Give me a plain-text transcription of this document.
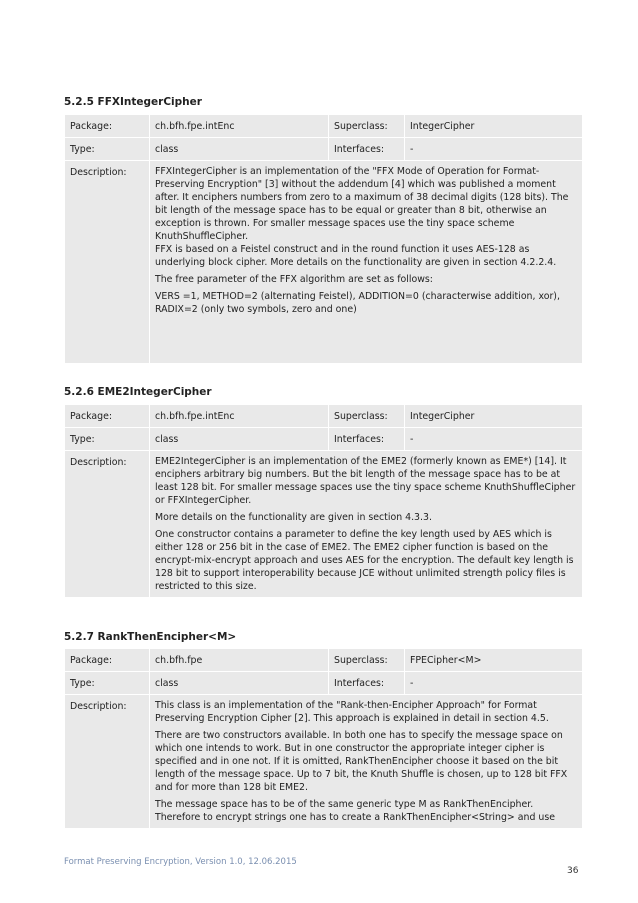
5.2.5 FFXIntegerCipher
Package:	ch.bfh.fpe.intEnc	Superclass:	IntegerCipher
Type:	class	Interfaces:	-
Description:	FFXIntegerCipher is an implementation of the "FFX Mode of Operation for Format-Preserving Encryption" [3] without the addendum [4] which was published a moment after. It enciphers numbers from zero to a maximum of 38 decimal digits (128 bits). The bit length of the message space has to be equal or greater than 8 bit, otherwise an exception is thrown. For smaller message spaces use the tiny space scheme KnuthShuffleCipher.
FFX is based on a Feistel construct and in the round function it uses AES-128 as underlying block cipher. More details on the functionality are given in section 4.2.2.4.

The free parameter of the FFX algorithm are set as follows:

VERS =1, METHOD=2 (alternating Feistel), ADDITION=0 (characterwise addition, xor), RADIX=2 (only two symbols, zero and one)		

5.2.6 EME2IntegerCipher
Package:	ch.bfh.fpe.intEnc	Superclass:	IntegerCipher
Type:	class	Interfaces:	-
Description:	EME2IntegerCipher is an implementation of the EME2 (formerly known as EME*) [14]. It enciphers arbitrary big numbers. But the bit length of the message space has to be at least 128 bit. For smaller message spaces use the tiny space scheme KnuthShuffleCipher or FFXIntegerCipher.

More details on the functionality are given in section 4.3.3.

One constructor contains a parameter to define the key length used by AES which is either 128 or 256 bit in the case of EME2. The EME2 cipher function is based on the encrypt-mix-encrypt approach and uses AES for the encryption. The default key length is 128 bit to support interoperability because JCE without unlimited strength policy files is restricted to this size.		

5.2.7 RankThenEncipher<M>
Package:	ch.bfh.fpe	Superclass:	FPECipher<M>
Type:	class	Interfaces:	-
Description:	This class is an implementation of the "Rank-then-Encipher Approach" for Format Preserving Encryption Cipher [2]. This approach is explained in detail in section 4.5.

There are two constructors available. In both one has to specify the message space on which one intends to work. But in one constructor the appropriate integer cipher is specified and in one not. If it is omitted, RankThenEncipher choose it based on the bit length of the message space. Up to 7 bit, the Knuth Shuffle is chosen, up to 128 bit FFX and for more than 128 bit EME2.

The message space has to be of the same generic type M as RankThenEncipher. Therefore to encrypt strings one has to create a RankThenEncipher<String> and use		

Format Preserving Encryption, Version 1.0, 12.06.2015
36
